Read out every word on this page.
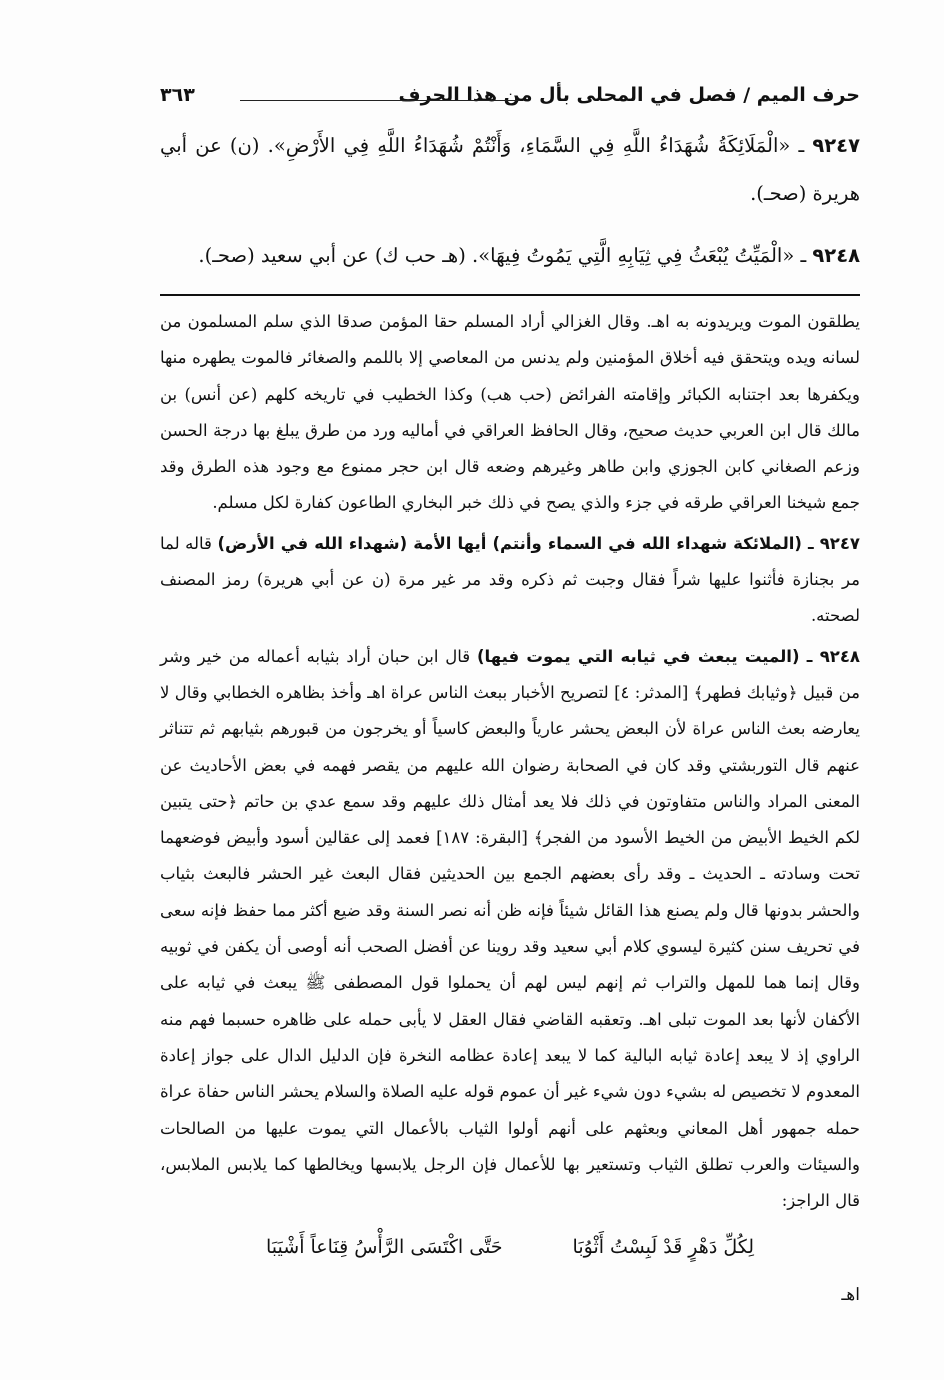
حرف الميم / فصل في المحلى بأل من هذا الحرف
٣٦٣

٩٢٤٧ ـ «الْمَلَائِكَةُ شُهَدَاءُ اللَّهِ فِي السَّمَاءِ، وَأَنْتُمْ شُهَدَاءُ اللَّهِ فِي الأَرْضِ». (ن) عن أبي هريرة (صحـ).

٩٢٤٨ ـ «الْمَيِّتُ يُبْعَثُ فِي ثِيَابِهِ الَّتِي يَمُوتُ فِيهَا». (هـ حب ك) عن أبي سعيد (صحـ).

يطلقون الموت ويريدونه به اهـ. وقال الغزالي أراد المسلم حقا المؤمن صدقا الذي سلم المسلمون من لسانه ويده ويتحقق فيه أخلاق المؤمنين ولم يدنس من المعاصي إلا باللمم والصغائر فالموت يطهره منها ويكفرها بعد اجتنابه الكبائر وإقامته الفرائض (حب هب) وكذا الخطيب في تاريخه كلهم (عن أنس) بن مالك قال ابن العربي حديث صحيح، وقال الحافظ العراقي في أماليه ورد من طرق يبلغ بها درجة الحسن وزعم الصغاني كابن الجوزي وابن طاهر وغيرهم وضعه قال ابن حجر ممنوع مع وجود هذه الطرق وقد جمع شيخنا العراقي طرقه في جزء والذي يصح في ذلك خبر البخاري الطاعون كفارة لكل مسلم.

٩٢٤٧ ـ (الملائكة شهداء الله في السماء وأنتم) أيها الأمة (شهداء الله في الأرض) قاله لما مر بجنازة فأثنوا عليها شراً فقال وجبت ثم ذكره وقد مر غير مرة (ن عن أبي هريرة) رمز المصنف لصحته.

٩٢٤٨ ـ (الميت يبعث في ثيابه التي يموت فيها) قال ابن حبان أراد بثيابه أعماله من خير وشر من قبيل ﴿وثيابك فطهر﴾ [المدثر: ٤] لتصريح الأخبار ببعث الناس عراة اهـ وأخذ بظاهره الخطابي وقال لا يعارضه بعث الناس عراة لأن البعض يحشر عارياً والبعض كاسياً أو يخرجون من قبورهم بثيابهم ثم تتناثر عنهم قال التوربشتي وقد كان في الصحابة رضوان الله عليهم من يقصر فهمه في بعض الأحاديث عن المعنى المراد والناس متفاوتون في ذلك فلا يعد أمثال ذلك عليهم وقد سمع عدي بن حاتم ﴿حتى يتبين لكم الخيط الأبيض من الخيط الأسود من الفجر﴾ [البقرة: ١٨٧] فعمد إلى عقالين أسود وأبيض فوضعهما تحت وسادته ـ الحديث ـ وقد رأى بعضهم الجمع بين الحديثين فقال البعث غير الحشر فالبعث بثياب والحشر بدونها قال ولم يصنع هذا القائل شيئاً فإنه ظن أنه نصر السنة وقد ضيع أكثر مما حفظ فإنه سعى في تحريف سنن كثيرة ليسوي كلام أبي سعيد وقد روينا عن أفضل الصحب أنه أوصى أن يكفن في ثوبيه وقال إنما هما للمهل والتراب ثم إنهم ليس لهم أن يحملوا قول المصطفى ﷺ يبعث في ثيابه على الأكفان لأنها بعد الموت تبلى اهـ. وتعقبه القاضي فقال العقل لا يأبى حمله على ظاهره حسبما فهم منه الراوي إذ لا يبعد إعادة ثيابه البالية كما لا يبعد إعادة عظامه النخرة فإن الدليل الدال على جواز إعادة المعدوم لا تخصيص له بشيء دون شيء غير أن عموم قوله عليه الصلاة والسلام يحشر الناس حفاة عراة حمله جمهور أهل المعاني وبعثهم على أنهم أولوا الثياب بالأعمال التي يموت عليها من الصالحات والسيئات والعرب تطلق الثياب وتستعير بها للأعمال فإن الرجل يلابسها ويخالطها كما يلابس الملابس، قال الراجز:

لِكُلِّ دَهْرٍ قَدْ لَبِسْتُ أَثْوُبَا
حَتَّى اكْتَسَى الرَّأْسُ قِنَاعاً أَشْيَبَا
اهـ
